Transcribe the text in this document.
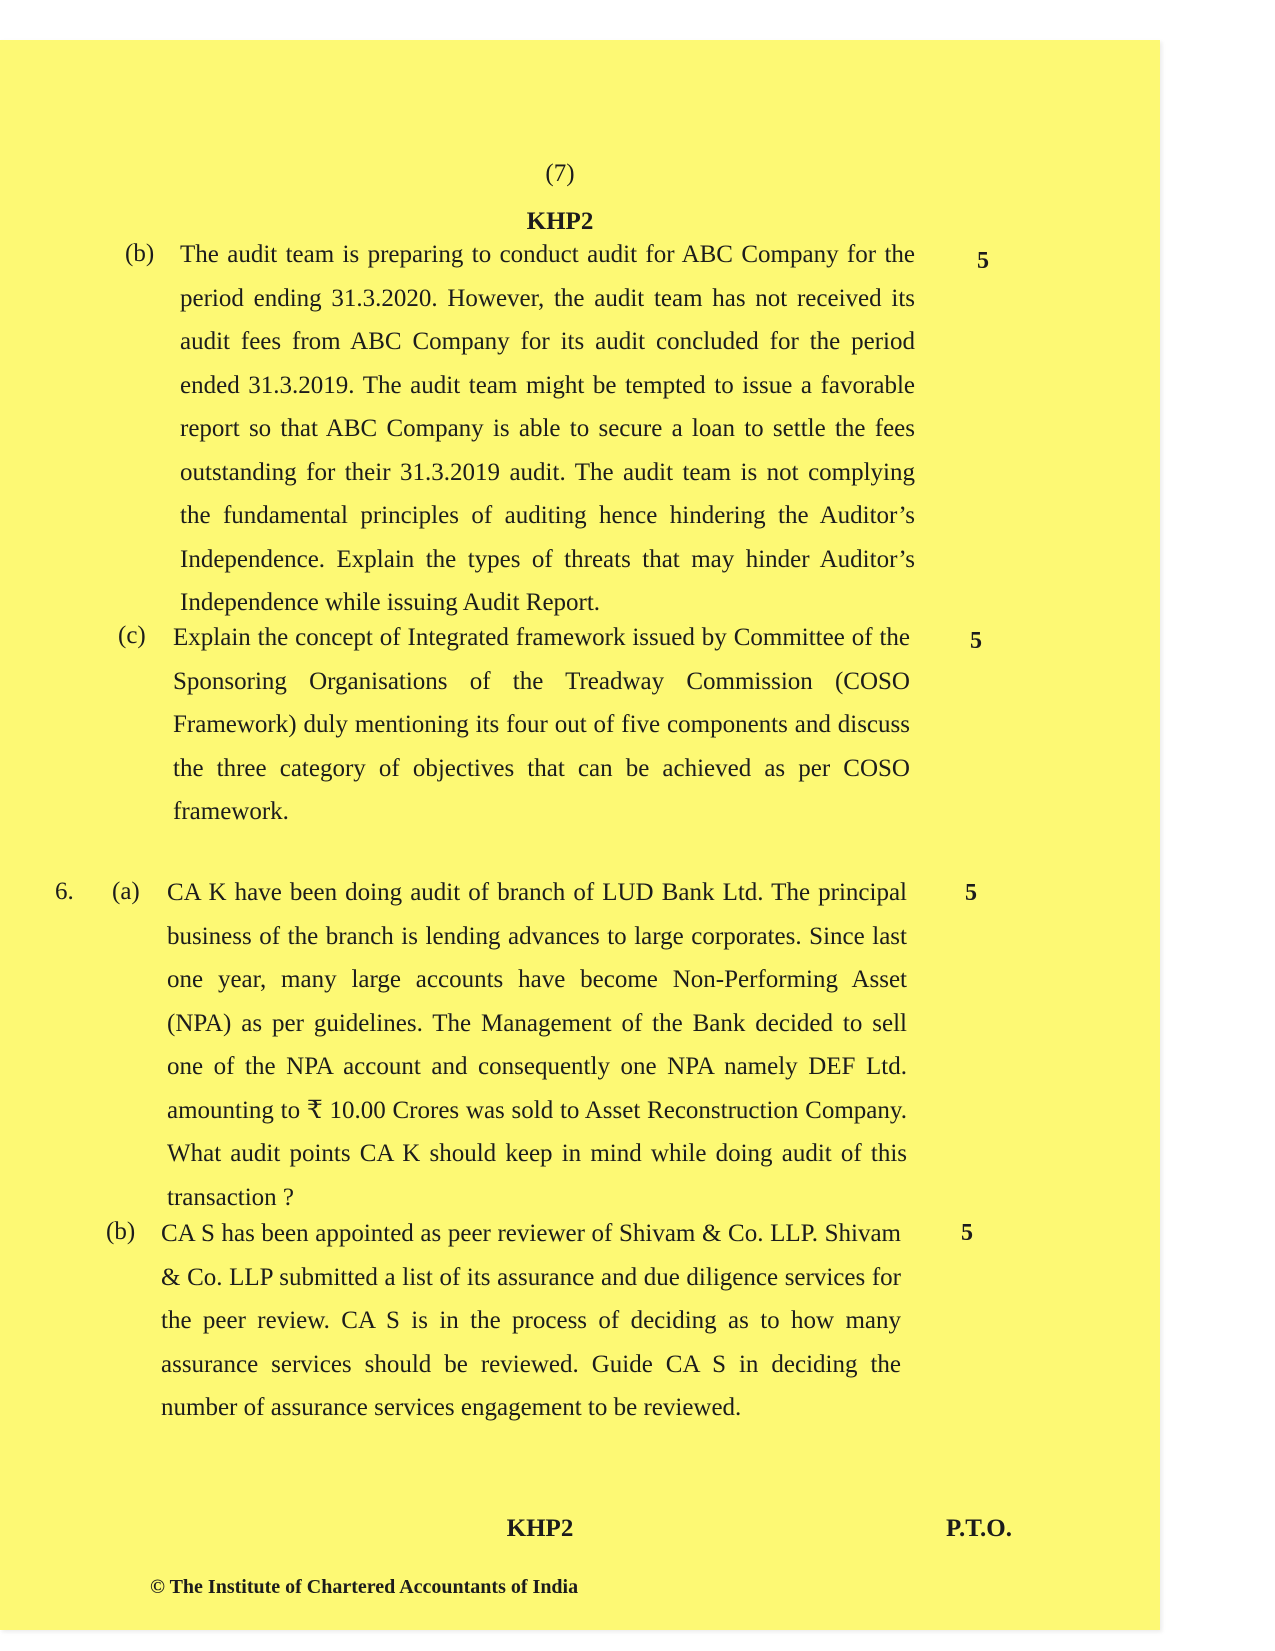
(7)
KHP2
(b) The audit team is preparing to conduct audit for ABC Company for the period ending 31.3.2020. However, the audit team has not received its audit fees from ABC Company for its audit concluded for the period ended 31.3.2019. The audit team might be tempted to issue a favorable report so that ABC Company is able to secure a loan to settle the fees outstanding for their 31.3.2019 audit. The audit team is not complying the fundamental principles of auditing hence hindering the Auditor’s Independence. Explain the types of threats that may hinder Auditor’s Independence while issuing Audit Report.

5
(c) Explain the concept of Integrated framework issued by Committee of the Sponsoring Organisations of the Treadway Commission (COSO Framework) duly mentioning its four out of five components and discuss the three category of objectives that can be achieved as per COSO framework.

5
6. (a) CA K have been doing audit of branch of LUD Bank Ltd. The principal business of the branch is lending advances to large corporates. Since last one year, many large accounts have become Non-Performing Asset (NPA) as per guidelines. The Management of the Bank decided to sell one of the NPA account and consequently one NPA namely DEF Ltd. amounting to ₹ 10.00 Crores was sold to Asset Reconstruction Company. What audit points CA K should keep in mind while doing audit of this transaction ?

5
(b) CA S has been appointed as peer reviewer of Shivam & Co. LLP. Shivam & Co. LLP submitted a list of its assurance and due diligence services for the peer review. CA S is in the process of deciding as to how many assurance services should be reviewed. Guide CA S in deciding the number of assurance services engagement to be reviewed.

5
KHP2	P.T.O.
© The Institute of Chartered Accountants of India
